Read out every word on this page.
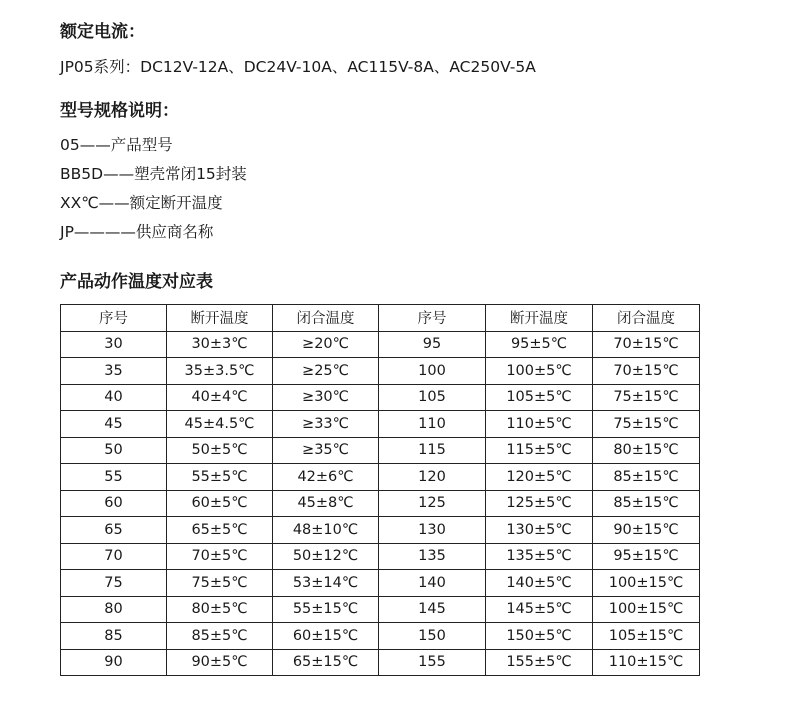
额定电流：

JP05系列：DC12V-12A、DC24V-10A、AC115V-8A、AC250V-5A

型号规格说明：

05——产品型号

BB5D——塑壳常闭15封装

XX℃——额定断开温度

JP————供应商名称

产品动作温度对应表
序号	断开温度	闭合温度	序号	断开温度	闭合温度
30	30±3℃	≥20℃	95	95±5℃	70±15℃
35	35±3.5℃	≥25℃	100	100±5℃	70±15℃
40	40±4℃	≥30℃	105	105±5℃	75±15℃
45	45±4.5℃	≥33℃	110	110±5℃	75±15℃
50	50±5℃	≥35℃	115	115±5℃	80±15℃
55	55±5℃	42±6℃	120	120±5℃	85±15℃
60	60±5℃	45±8℃	125	125±5℃	85±15℃
65	65±5℃	48±10℃	130	130±5℃	90±15℃
70	70±5℃	50±12℃	135	135±5℃	95±15℃
75	75±5℃	53±14℃	140	140±5℃	100±15℃
80	80±5℃	55±15℃	145	145±5℃	100±15℃
85	85±5℃	60±15℃	150	150±5℃	105±15℃
90	90±5℃	65±15℃	155	155±5℃	110±15℃
